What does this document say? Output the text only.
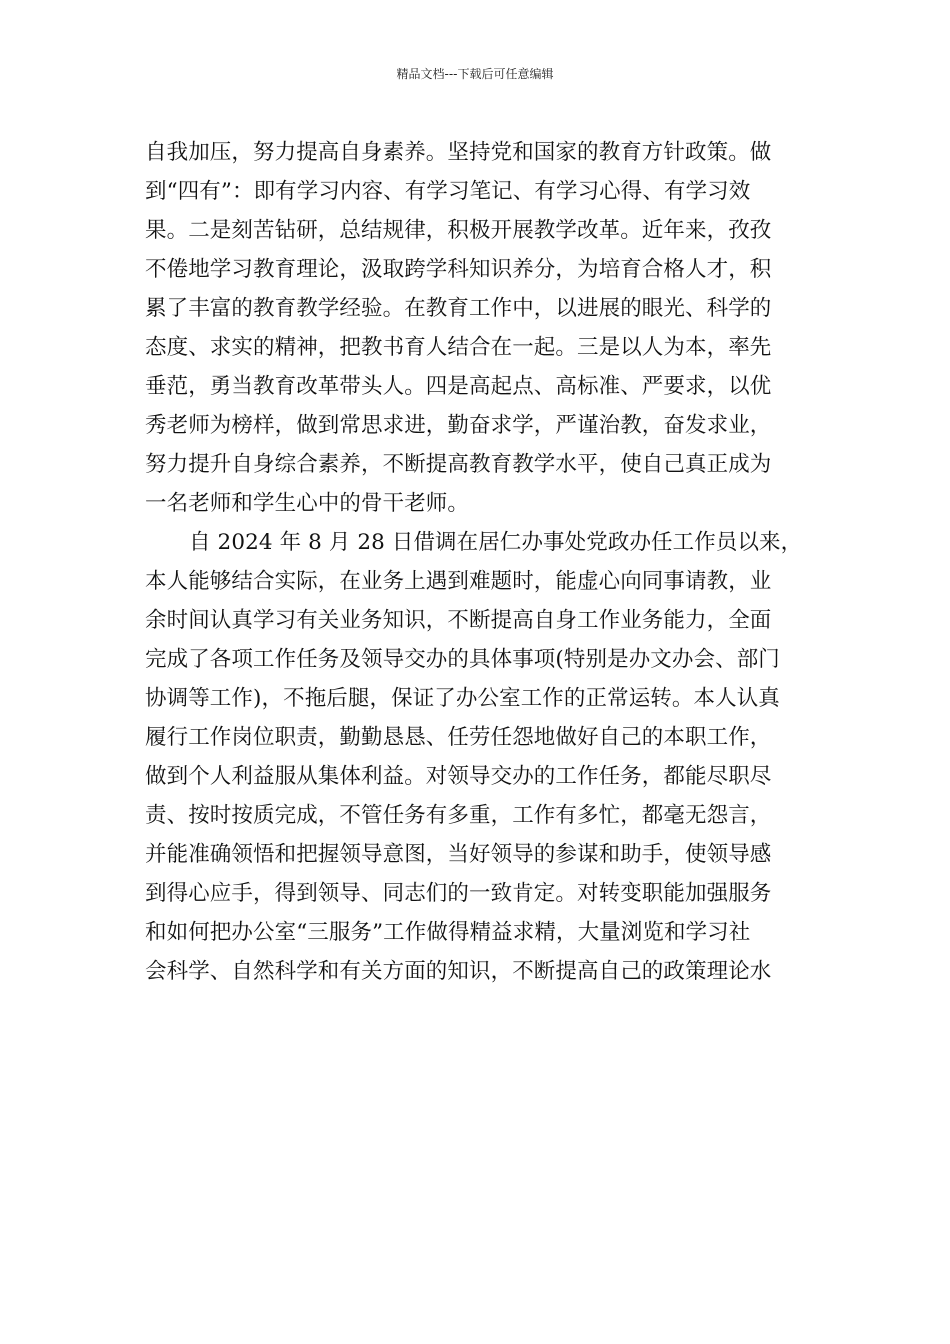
精品文档---下载后可任意编辑
自我加压，努力提高自身素养。坚持党和国家的教育方针政策。做
到“四有”：即有学习内容、有学习笔记、有学习心得、有学习效
果。二是刻苦钻研，总结规律，积极开展教学改革。近年来，孜孜
不倦地学习教育理论，汲取跨学科知识养分，为培育合格人才，积
累了丰富的教育教学经验。在教育工作中，以进展的眼光、科学的
态度、求实的精神，把教书育人结合在一起。三是以人为本，率先
垂范，勇当教育改革带头人。四是高起点、高标准、严要求，以优
秀老师为榜样，做到常思求进，勤奋求学，严谨治教，奋发求业，
努力提升自身综合素养，不断提高教育教学水平，使自己真正成为
一名老师和学生心中的骨干老师。
自 2024 年 8 月 28 日借调在居仁办事处党政办任工作员以来，
本人能够结合实际，在业务上遇到难题时，能虚心向同事请教，业
余时间认真学习有关业务知识，不断提高自身工作业务能力，全面
完成了各项工作任务及领导交办的具体事项(特别是办文办会、部门
协调等工作)，不拖后腿，保证了办公室工作的正常运转。本人认真
履行工作岗位职责，勤勤恳恳、任劳任怨地做好自己的本职工作，
做到个人利益服从集体利益。对领导交办的工作任务，都能尽职尽
责、按时按质完成，不管任务有多重，工作有多忙，都毫无怨言，
并能准确领悟和把握领导意图，当好领导的参谋和助手，使领导感
到得心应手，得到领导、同志们的一致肯定。对转变职能加强服务
和如何把办公室“三服务”工作做得精益求精，大量浏览和学习社
会科学、自然科学和有关方面的知识，不断提高自己的政策理论水
